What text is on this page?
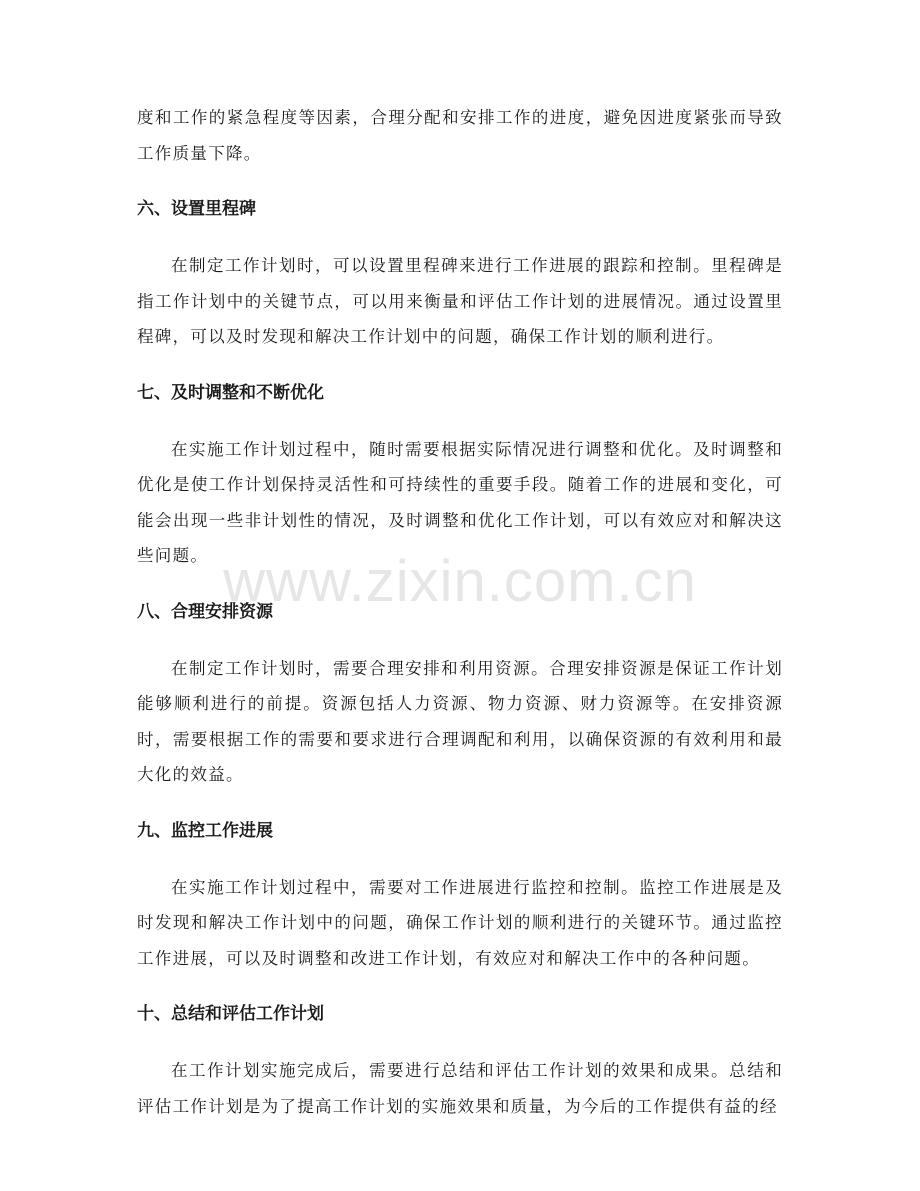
www.zixin.com.cn

度和工作的紧急程度等因素，合理分配和安排工作的进度，避免因进度紧张而导致工作质量下降。

六、设置里程碑

在制定工作计划时，可以设置里程碑来进行工作进展的跟踪和控制。里程碑是指工作计划中的关键节点，可以用来衡量和评估工作计划的进展情况。通过设置里程碑，可以及时发现和解决工作计划中的问题，确保工作计划的顺利进行。

七、及时调整和不断优化

在实施工作计划过程中，随时需要根据实际情况进行调整和优化。及时调整和优化是使工作计划保持灵活性和可持续性的重要手段。随着工作的进展和变化，可能会出现一些非计划性的情况，及时调整和优化工作计划，可以有效应对和解决这些问题。

八、合理安排资源

在制定工作计划时，需要合理安排和利用资源。合理安排资源是保证工作计划能够顺利进行的前提。资源包括人力资源、物力资源、财力资源等。在安排资源时，需要根据工作的需要和要求进行合理调配和利用，以确保资源的有效利用和最大化的效益。

九、监控工作进展

在实施工作计划过程中，需要对工作进展进行监控和控制。监控工作进展是及时发现和解决工作计划中的问题，确保工作计划的顺利进行的关键环节。通过监控工作进展，可以及时调整和改进工作计划，有效应对和解决工作中的各种问题。

十、总结和评估工作计划

在工作计划实施完成后，需要进行总结和评估工作计划的效果和成果。总结和评估工作计划是为了提高工作计划的实施效果和质量，为今后的工作提供有益的经
